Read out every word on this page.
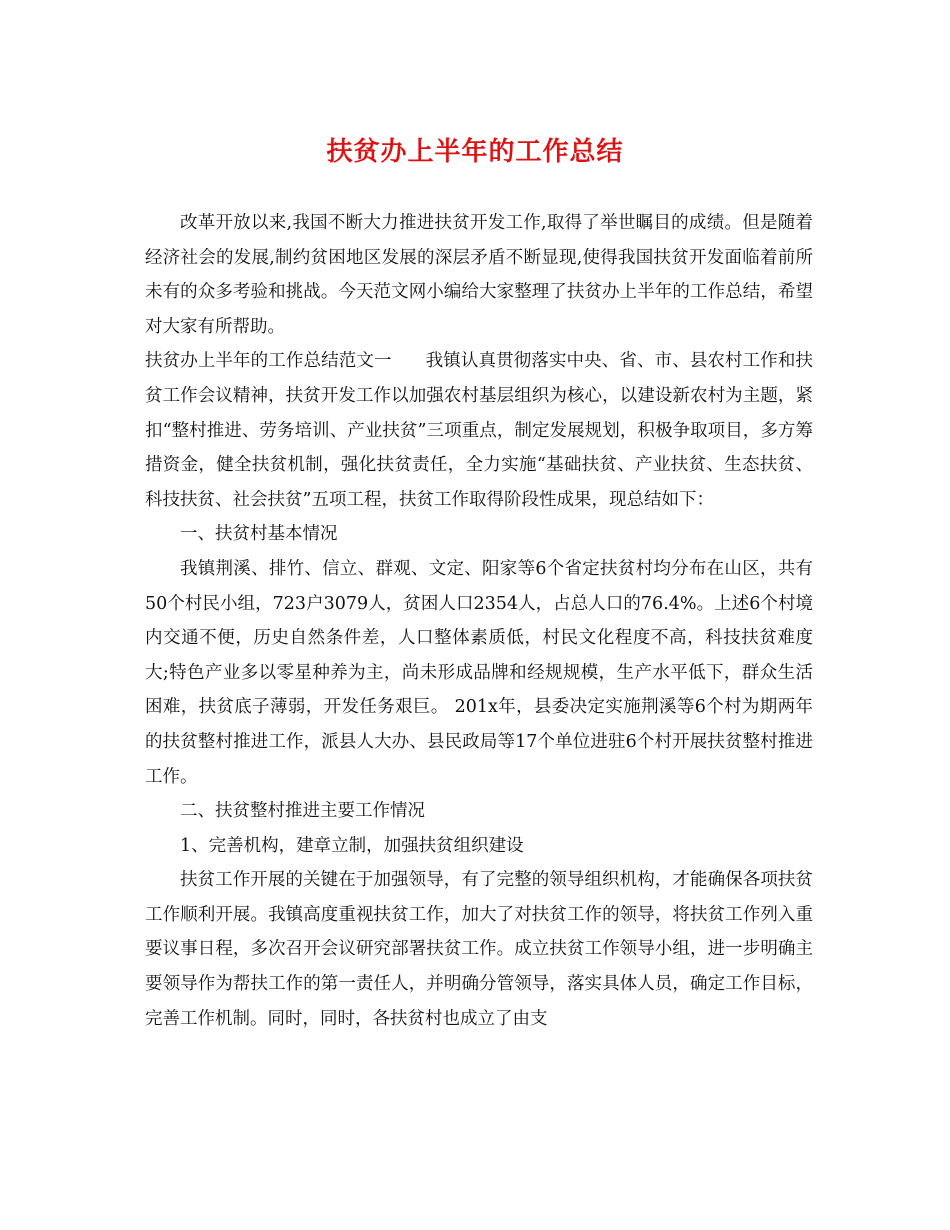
扶贫办上半年的工作总结

改革开放以来,我国不断大力推进扶贫开发工作,取得了举世瞩目的成绩。但是随着经济社会的发展,制约贫困地区发展的深层矛盾不断显现,使得我国扶贫开发面临着前所未有的众多考验和挑战。今天范文网小编给大家整理了扶贫办上半年的工作总结，希望对大家有所帮助。

扶贫办上半年的工作总结范文一 我镇认真贯彻落实中央、省、市、县农村工作和扶贫工作会议精神，扶贫开发工作以加强农村基层组织为核心，以建设新农村为主题，紧扣“整村推进、劳务培训、产业扶贫”三项重点，制定发展规划，积极争取项目，多方筹措资金，健全扶贫机制，强化扶贫责任，全力实施“基础扶贫、产业扶贫、生态扶贫、科技扶贫、社会扶贫”五项工程，扶贫工作取得阶段性成果，现总结如下：

一、扶贫村基本情况

我镇荆溪、排竹、信立、群观、文定、阳家等6个省定扶贫村均分布在山区，共有50个村民小组，723户3079人，贫困人口2354人，占总人口的76.4%。上述6个村境内交通不便，历史自然条件差，人口整体素质低，村民文化程度不高，科技扶贫难度大;特色产业多以零星种养为主，尚未形成品牌和经规规模，生产水平低下，群众生活困难，扶贫底子薄弱，开发任务艰巨。 201x年，县委决定实施荆溪等6个村为期两年的扶贫整村推进工作，派县人大办、县民政局等17个单位进驻6个村开展扶贫整村推进工作。

二、扶贫整村推进主要工作情况

1、完善机构，建章立制，加强扶贫组织建设

扶贫工作开展的关键在于加强领导，有了完整的领导组织机构，才能确保各项扶贫工作顺利开展。我镇高度重视扶贫工作，加大了对扶贫工作的领导，将扶贫工作列入重要议事日程，多次召开会议研究部署扶贫工作。成立扶贫工作领导小组，进一步明确主要领导作为帮扶工作的第一责任人，并明确分管领导，落实具体人员，确定工作目标，完善工作机制。同时，同时，各扶贫村也成立了由支
